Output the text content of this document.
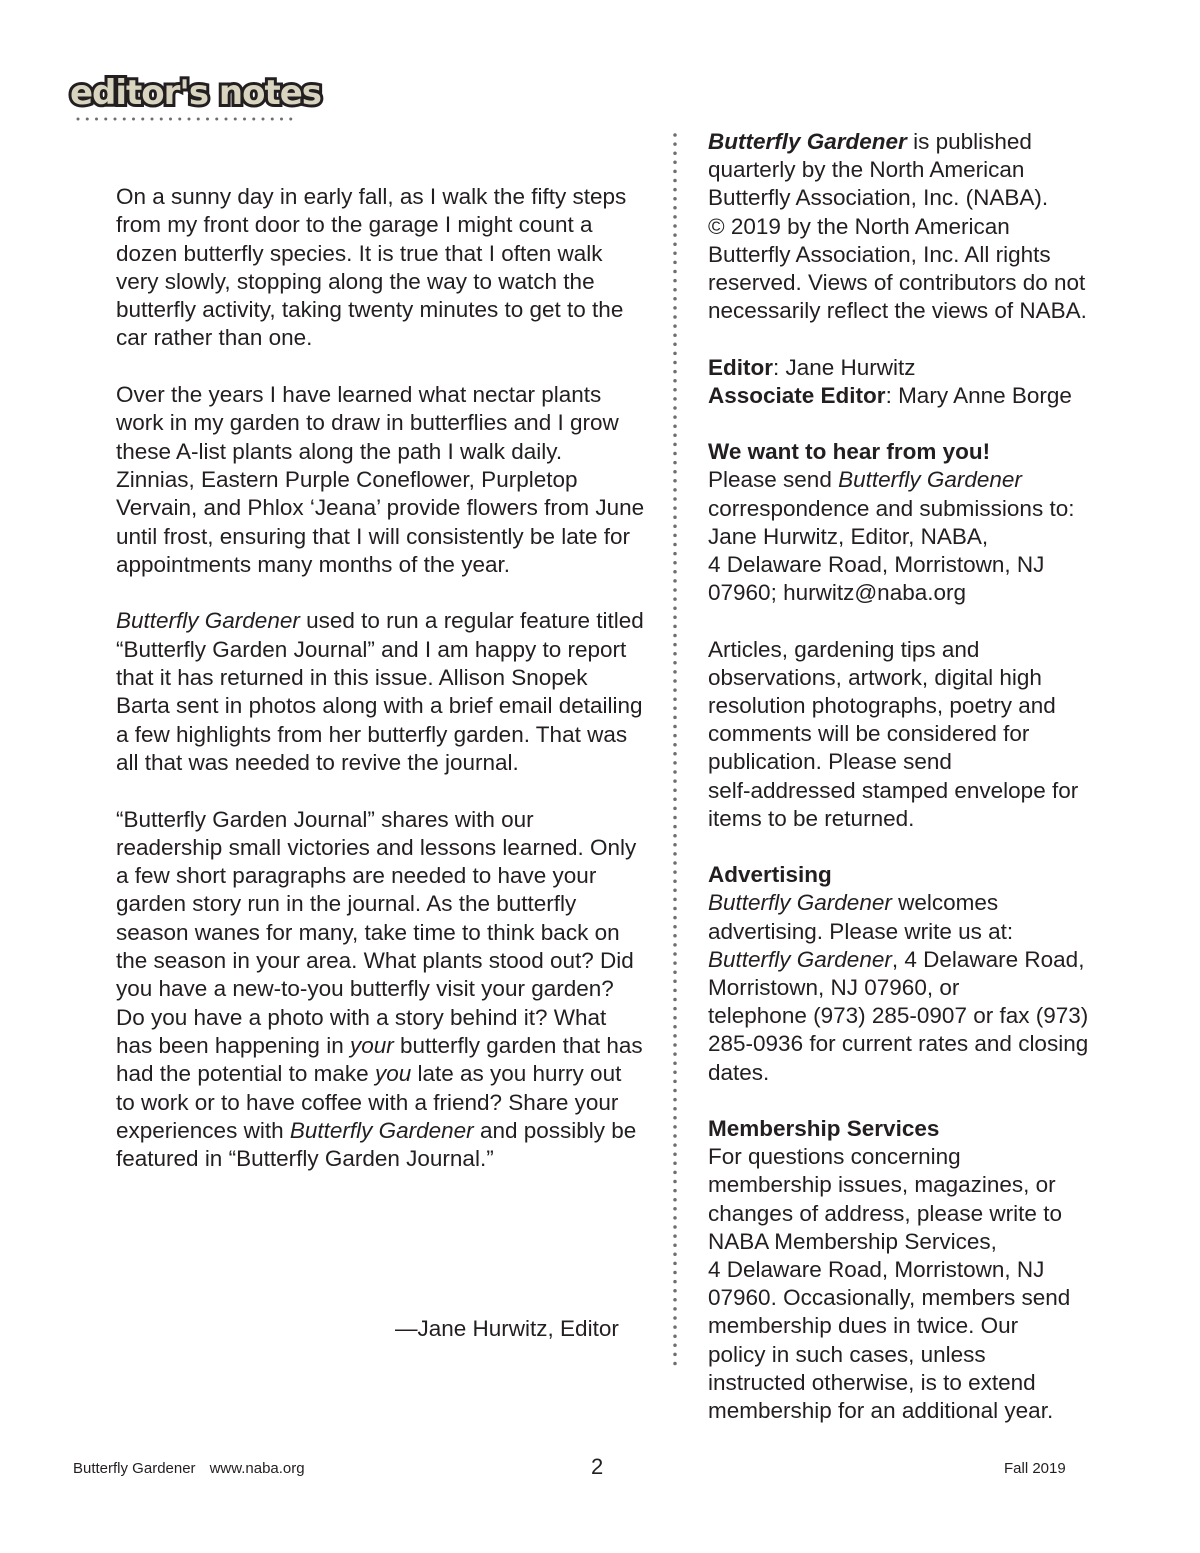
editor's notes

On a sunny day in early fall, as I walk the fifty steps from my front door to the garage I might count a dozen butterfly species. It is true that I often walk very slowly, stopping along the way to watch the butterfly activity, taking twenty minutes to get to the car rather than one.

Over the years I have learned what nectar plants work in my garden to draw in butterflies and I grow these A-list plants along the path I walk daily. Zinnias, Eastern Purple Coneflower, Purpletop Vervain, and Phlox ‘Jeana’ provide flowers from June until frost, ensuring that I will consistently be late for appointments many months of the year.

Butterfly Gardener used to run a regular feature titled “Butterfly Garden Journal” and I am happy to report that it has returned in this issue. Allison Snopek Barta sent in photos along with a brief email detailing a few highlights from her butterfly garden. That was all that was needed to revive the journal.

“Butterfly Garden Journal” shares with our readership small victories and lessons learned. Only a few short paragraphs are needed to have your garden story run in the journal. As the butterfly season wanes for many, take time to think back on the season in your area. What plants stood out? Did you have a new-to-you butterfly visit your garden? Do you have a photo with a story behind it? What has been happening in your butterfly garden that has had the potential to make you late as you hurry out to work or to have coffee with a friend? Share your experiences with Butterfly Gardener and possibly be featured in “Butterfly Garden Journal.”

—Jane Hurwitz, Editor

Butterfly Gardener is published
quarterly by the North American
Butterfly Association, Inc. (NABA).
© 2019 by the North American
Butterfly Association, Inc. All rights
reserved. Views of contributors do not
necessarily reflect the views of NABA.

Editor: Jane Hurwitz
Associate Editor: Mary Anne Borge

We want to hear from you!
Please send Butterfly Gardener
correspondence and submissions to:
Jane Hurwitz, Editor, NABA,
4 Delaware Road, Morristown, NJ
07960; hurwitz@naba.org

Articles, gardening tips and
observations, artwork, digital high
resolution photographs, poetry and
comments will be considered for
publication. Please send
self-addressed stamped envelope for
items to be returned.

Advertising
Butterfly Gardener welcomes
advertising. Please write us at:
Butterfly Gardener, 4 Delaware Road,
Morristown, NJ 07960, or
telephone (973) 285-0907 or fax (973)
285-0936 for current rates and closing
dates.

Membership Services
For questions concerning
membership issues, magazines, or
changes of address, please write to
NABA Membership Services,
4 Delaware Road, Morristown, NJ
07960. Occasionally, members send
membership dues in twice. Our
policy in such cases, unless
instructed otherwise, is to extend
membership for an additional year.

Butterfly Gardener www.naba.org	2	Fall 2019
